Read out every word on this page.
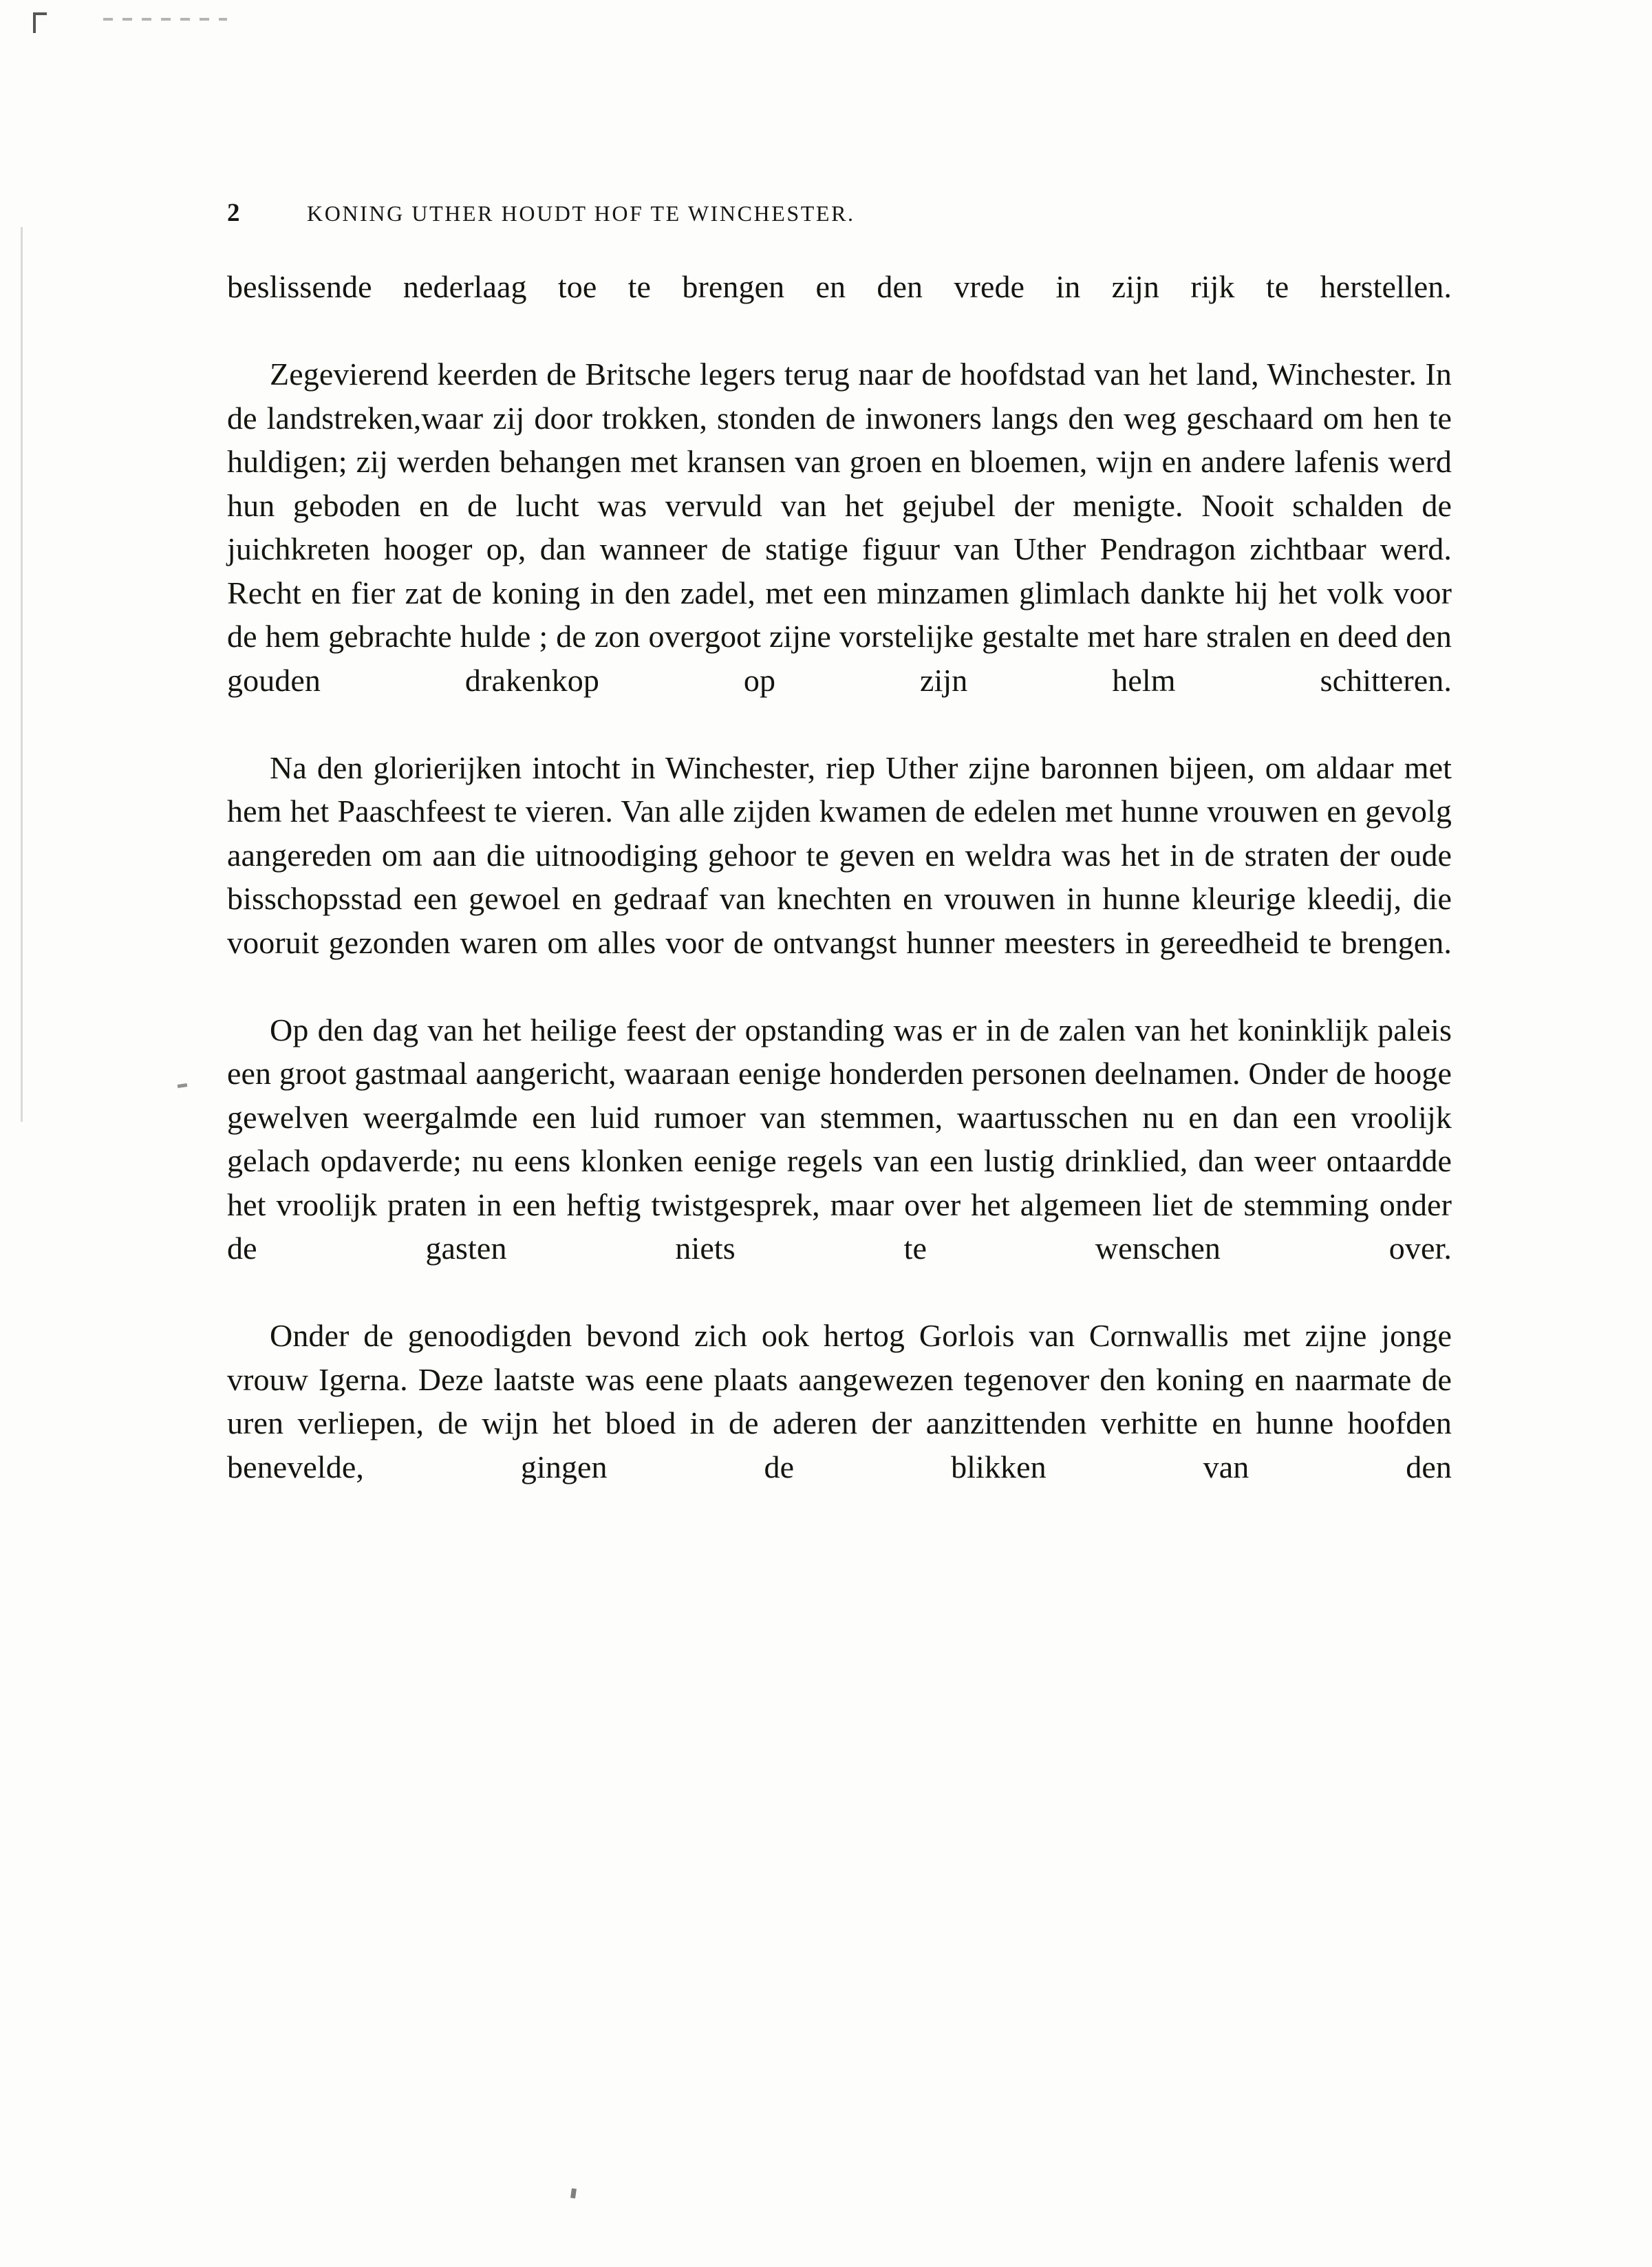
2	KONING UTHER HOUDT HOF TE WINCHESTER.

beslissende nederlaag toe te brengen en den vrede in zijn rijk te herstellen.

Zegevierend keerden de Britsche legers terug naar de hoofdstad van het land, Winchester. In de landstreken,waar zij door trokken, stonden de inwoners langs den weg geschaard om hen te huldigen; zij werden behangen met kransen van groen en bloemen, wijn en andere lafenis werd hun geboden en de lucht was vervuld van het gejubel der menigte. Nooit schalden de juichkreten hooger op, dan wanneer de statige figuur van Uther Pendragon zichtbaar werd. Recht en fier zat de koning in den zadel, met een minzamen glimlach dankte hij het volk voor de hem gebrachte hulde ; de zon overgoot zijne vorstelijke gestalte met hare stralen en deed den gouden drakenkop op zijn helm schitteren.

Na den glorierijken intocht in Winchester, riep Uther zijne baronnen bijeen, om aldaar met hem het Paaschfeest te vieren. Van alle zijden kwamen de edelen met hunne vrouwen en gevolg aangereden om aan die uitnoodiging gehoor te geven en weldra was het in de straten der oude bisschopsstad een gewoel en gedraaf van knechten en vrouwen in hunne kleurige kleedij, die vooruit gezonden waren om alles voor de ontvangst hunner meesters in gereedheid te brengen.

Op den dag van het heilige feest der opstanding was er in de zalen van het koninklijk paleis een groot gastmaal aangericht, waaraan eenige honderden personen deelnamen. Onder de hooge gewelven weergalmde een luid rumoer van stemmen, waartusschen nu en dan een vroolijk gelach opdaverde; nu eens klonken eenige regels van een lustig drinklied, dan weer ontaardde het vroolijk praten in een heftig twistgesprek, maar over het algemeen liet de stemming onder de gasten niets te wenschen over.

Onder de genoodigden bevond zich ook hertog Gorlois van Cornwallis met zijne jonge vrouw Igerna. Deze laatste was eene plaats aangewezen tegenover den koning en naarmate de uren verliepen, de wijn het bloed in de aderen der aanzittenden verhitte en hunne hoofden benevelde, gingen de blikken van den
